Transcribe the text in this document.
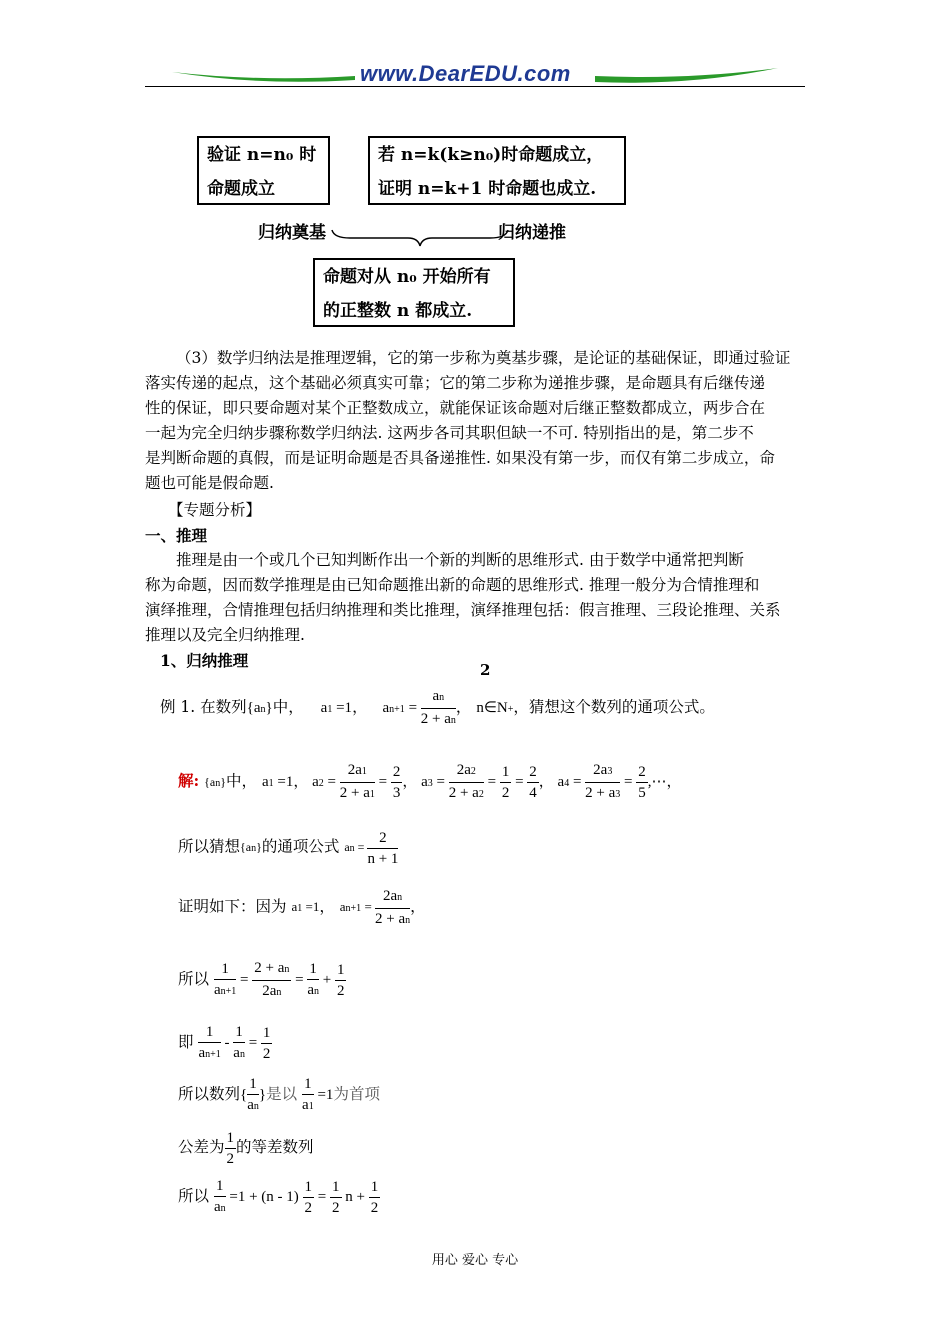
www.DearEDU.com
验证 n=n₀ 时
命题成立
若 n=k(k≥n₀)时命题成立，
证明 n=k+1 时命题也成立.
归纳奠基	归纳递推
命题对从 n₀ 开始所有
的正整数 n 都成立.
（3）数学归纳法是推理逻辑，它的第一步称为奠基步骤，是论证的基础保证，即通过验证
落实传递的起点，这个基础必须真实可靠；它的第二步称为递推步骤，是命题具有后继传递
性的保证，即只要命题对某个正整数成立，就能保证该命题对后继正整数都成立，两步合在
一起为完全归纳步骤称数学归纳法. 这两步各司其职但缺一不可. 特别指出的是，第二步不
是判断命题的真假，而是证明命题是否具备递推性. 如果没有第一步，而仅有第二步成立，命
题也可能是假命题.
【专题分析】
一、推理
推理是由一个或几个已知判断作出一个新的判断的思维形式. 由于数学中通常把判断
称为命题，因而数学推理是由已知命题推出新的命题的思维形式. 推理一般分为合情推理和
演绎推理，合情推理包括归纳推理和类比推理，演绎推理包括：假言推理、三段论推理、关系
推理以及完全归纳推理.
1、归纳推理	2
例 1. 在数列{an}中， a1 =1， $an+1 = \frac{an}{2 + an}$ ， n∈N+，猜想这个数列的通项公式。
解: {an}中， a1 =1， $a2 = \frac{2a1}{2 + a1} = \frac{2}{3}$ ， $a3 = \frac{2a2}{2 + a2} = \frac{1}{2} = \frac{2}{4}$ ， $a4 = \frac{2a3}{2 + a3} = \frac{2}{5}$ ,⋯，
所以猜想{an}的通项公式 an = $\frac{2}{n + 1}$
证明如下：因为 a1 =1， $an+1 = \frac{2an}{2 + an}$ ，
所以 $\frac{1}{an+1} = \frac{2 + an}{2an} = \frac{1}{an} + \frac{1}{2}$
即 $\frac{1}{an+1} - \frac{1}{an} = \frac{1}{2}$
所以数列{ $\frac{1}{an}$ }是以 $\frac{1}{a1} =1$为首项
公差为 $\frac{1}{2}$ 的等差数列
所以 $\frac{1}{an} =1 + (n - 1) \frac{1}{2} = \frac{1}{2}$ $n + \frac{1}{2}$
用心 爱心 专心
